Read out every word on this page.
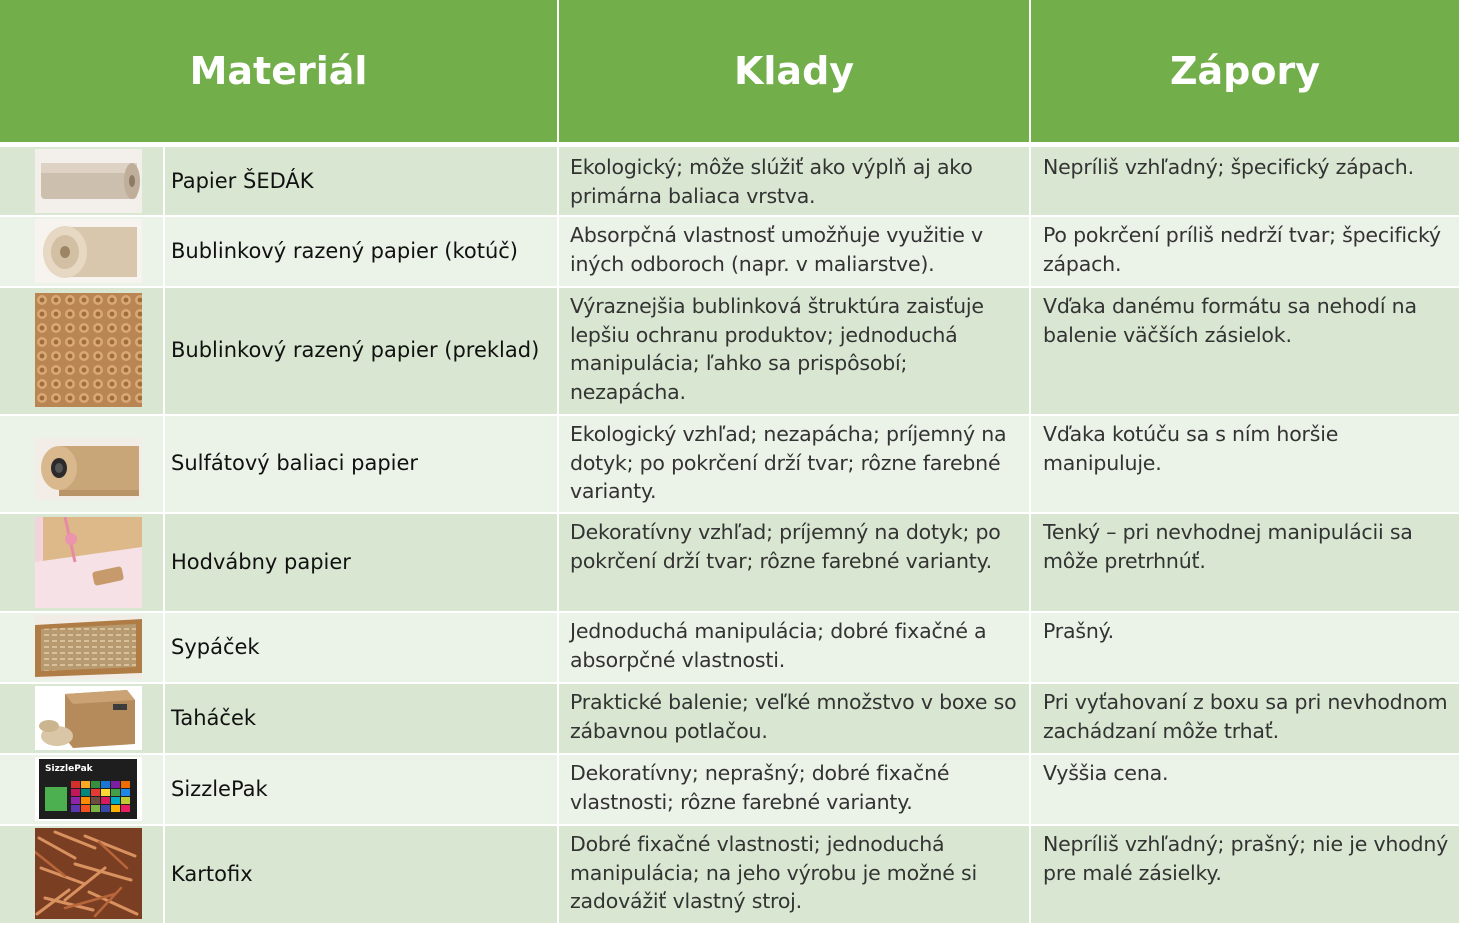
Materiál	Klady	Zápory
Papier ŠEDÁK
Ekologický; môže slúžiť ako výplň aj ako primárna baliaca vrstva.
Nepríliš vzhľadný; špecifický zápach.
Bublinkový razený papier (kotúč)
Absorpčná vlastnosť umožňuje využitie v iných odboroch (napr. v maliarstve).
Po pokrčení príliš nedrží tvar; špecifický zápach.
Bublinkový razený papier (preklad)
Výraznejšia bublinková štruktúra zaisťuje lepšiu ochranu produktov; jednoduchá manipulácia; ľahko sa prispôsobí; nezapácha.
Vďaka danému formátu sa nehodí na balenie väčších zásielok.
Sulfátový baliaci papier
Ekologický vzhľad; nezapácha; príjemný na dotyk; po pokrčení drží tvar; rôzne farebné varianty.
Vďaka kotúču sa s ním horšie manipuluje.
Hodvábny papier
Dekoratívny vzhľad; príjemný na dotyk; po pokrčení drží tvar; rôzne farebné varianty.
Tenký – pri nevhodnej manipulácii sa môže pretrhnúť.
Sypáček
Jednoduchá manipulácia; dobré fixačné a absorpčné vlastnosti.
Prašný.
Taháček
Praktické balenie; veľké množstvo v boxe so zábavnou potlačou.
Pri vyťahovaní z boxu sa pri nevhodnom zachádzaní môže trhať.
SizzlePak
SizzlePak
Dekoratívny; neprašný; dobré fixačné vlastnosti; rôzne farebné varianty.
Vyššia cena.
Kartofix
Dobré fixačné vlastnosti; jednoduchá manipulácia; na jeho výrobu je možné si zadovážiť vlastný stroj.
Nepríliš vzhľadný; prašný; nie je vhodný pre malé zásielky.
